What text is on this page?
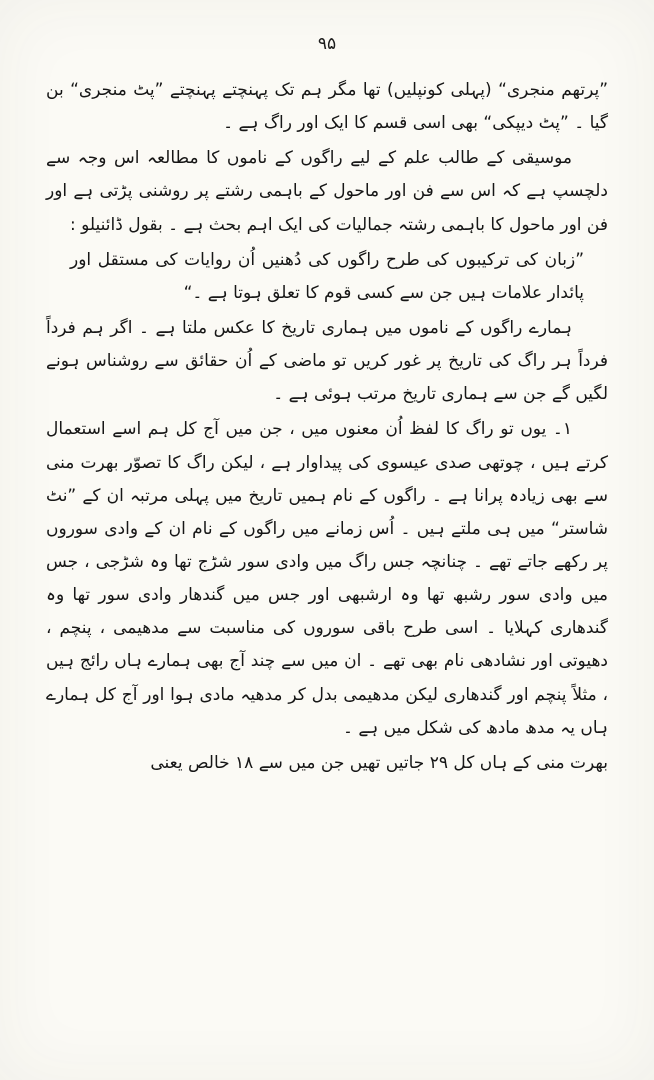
۹۵

”پرتھم منجری“ (پہلی کونپلیں) تھا مگر ہم تک پہنچتے پہنچتے ”پٹ منجری“ بن گیا ۔ ”پٹ دیپکی“ بھی اسی قسم کا ایک اور راگ ہے ۔

موسیقی کے طالب علم کے لیے راگوں کے ناموں کا مطالعہ اس وجہ سے دلچسپ ہے کہ اس سے فن اور ماحول کے باہمی رشتے پر روشنی پڑتی ہے اور فن اور ماحول کا باہمی رشتہ جمالیات کی ایک اہم بحث ہے ۔ بقول ڈائنیلو :

”زبان کی ترکیبوں کی طرح راگوں کی دُھنیں اُن روایات کی مستقل اور پائدار علامات ہیں جن سے کسی قوم کا تعلق ہوتا ہے ۔“

ہمارے راگوں کے ناموں میں ہماری تاریخ کا عکس ملتا ہے ۔ اگر ہم فرداً فرداً ہر راگ کی تاریخ پر غور کریں تو ماضی کے اُن حقائق سے روشناس ہونے لگیں گے جن سے ہماری تاریخ مرتب ہوئی ہے ۔

۱۔ یوں تو راگ کا لفظ اُن معنوں میں ، جن میں آج کل ہم اسے استعمال کرتے ہیں ، چوتھی صدی عیسوی کی پیداوار ہے ، لیکن راگ کا تصوّر بھرت منی سے بھی زیادہ پرانا ہے ۔ راگوں کے نام ہمیں تاریخ میں پہلی مرتبہ ان کے ”نٹ شاستر“ میں ہی ملتے ہیں ۔ اُس زمانے میں راگوں کے نام ان کے وادی سوروں پر رکھے جاتے تھے ۔ چنانچہ جس راگ میں وادی سور شڑج تھا وہ شڑجی ، جس میں وادی سور رشبھ تھا وہ ارشبھی اور جس میں گندھار وادی سور تھا وہ گندھاری کہلایا ۔ اسی طرح باقی سوروں کی مناسبت سے مدھیمی ، پنچم ، دھیوتی اور نشادھی نام بھی تھے ۔ ان میں سے چند آج بھی ہمارے ہاں رائج ہیں ، مثلاً پنچم اور گندھاری لیکن مدھیمی بدل کر مدھیہ مادی ہوا اور آج کل ہمارے ہاں یہ مدھ مادھ کی شکل میں ہے ۔

بھرت منی کے ہاں کل ۲۹ جاتیں تھیں جن میں سے ۱۸ خالص یعنی
